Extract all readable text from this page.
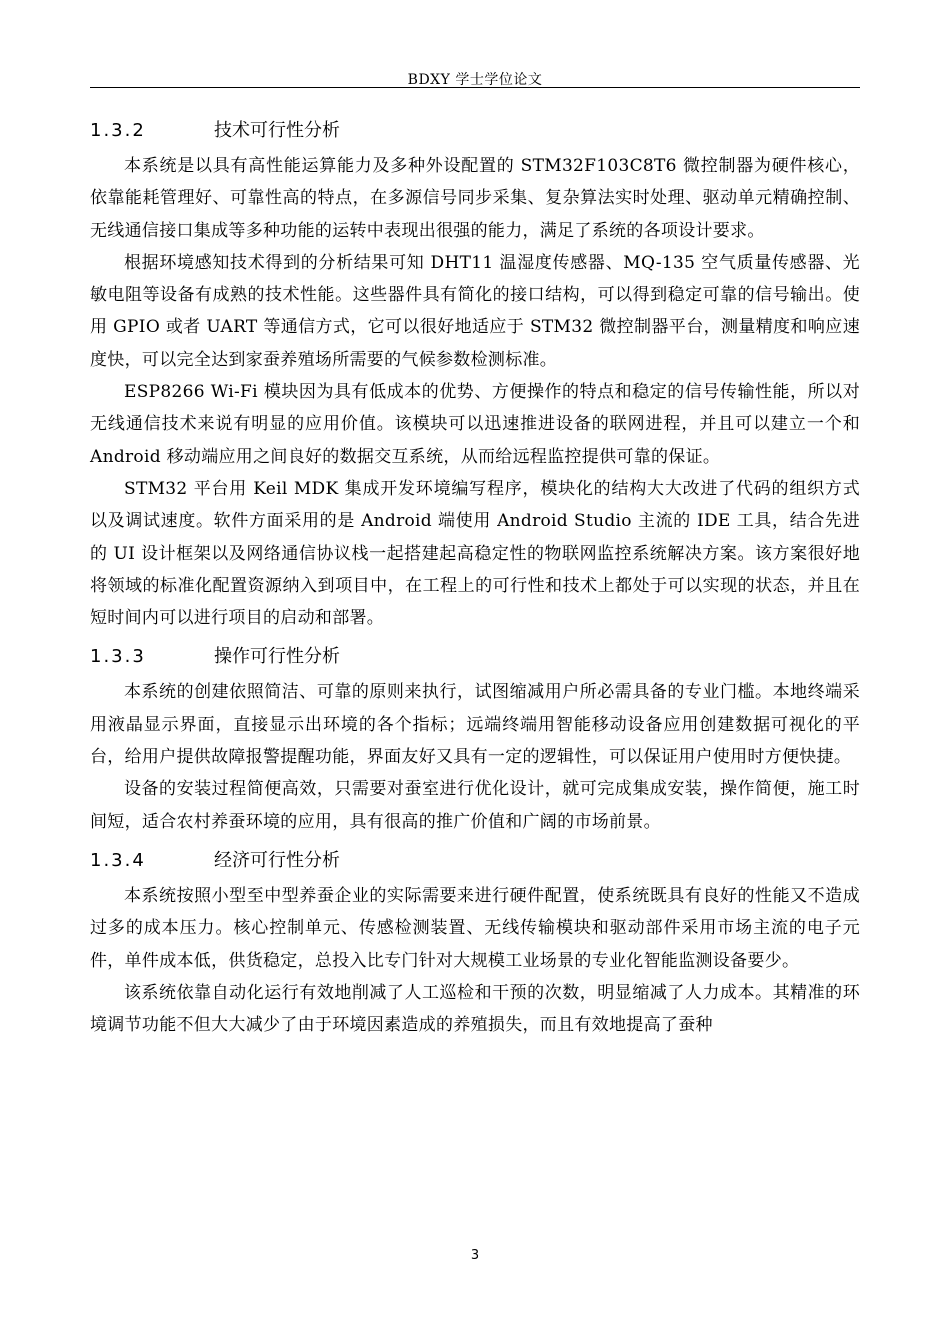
BDXY 学士学位论文
1.3.2	技术可行性分析

本系统是以具有高性能运算能力及多种外设配置的 STM32F103C8T6 微控制器为硬件核心，依靠能耗管理好、可靠性高的特点，在多源信号同步采集、复杂算法实时处理、驱动单元精确控制、无线通信接口集成等多种功能的运转中表现出很强的能力，满足了系统的各项设计要求。

根据环境感知技术得到的分析结果可知 DHT11 温湿度传感器、MQ-135 空气质量传感器、光敏电阻等设备有成熟的技术性能。这些器件具有简化的接口结构，可以得到稳定可靠的信号输出。使用 GPIO 或者 UART 等通信方式，它可以很好地适应于 STM32 微控制器平台，测量精度和响应速度快，可以完全达到家蚕养殖场所需要的气候参数检测标准。

ESP8266 Wi-Fi 模块因为具有低成本的优势、方便操作的特点和稳定的信号传输性能，所以对无线通信技术来说有明显的应用价值。该模块可以迅速推进设备的联网进程，并且可以建立一个和 Android 移动端应用之间良好的数据交互系统，从而给远程监控提供可靠的保证。

STM32 平台用 Keil MDK 集成开发环境编写程序，模块化的结构大大改进了代码的组织方式以及调试速度。软件方面采用的是 Android 端使用 Android Studio 主流的 IDE 工具，结合先进的 UI 设计框架以及网络通信协议栈一起搭建起高稳定性的物联网监控系统解决方案。该方案很好地将领域的标准化配置资源纳入到项目中，在工程上的可行性和技术上都处于可以实现的状态，并且在短时间内可以进行项目的启动和部署。

1.3.3	操作可行性分析

本系统的创建依照简洁、可靠的原则来执行，试图缩减用户所必需具备的专业门槛。本地终端采用液晶显示界面，直接显示出环境的各个指标；远端终端用智能移动设备应用创建数据可视化的平台，给用户提供故障报警提醒功能，界面友好又具有一定的逻辑性，可以保证用户使用时方便快捷。

设备的安装过程简便高效，只需要对蚕室进行优化设计，就可完成集成安装，操作简便，施工时间短，适合农村养蚕环境的应用，具有很高的推广价值和广阔的市场前景。

1.3.4	经济可行性分析

本系统按照小型至中型养蚕企业的实际需要来进行硬件配置，使系统既具有良好的性能又不造成过多的成本压力。核心控制单元、传感检测装置、无线传输模块和驱动部件采用市场主流的电子元件，单件成本低，供货稳定，总投入比专门针对大规模工业场景的专业化智能监测设备要少。

该系统依靠自动化运行有效地削减了人工巡检和干预的次数，明显缩减了人力成本。其精准的环境调节功能不但大大减少了由于环境因素造成的养殖损失，而且有效地提高了蚕种

3
